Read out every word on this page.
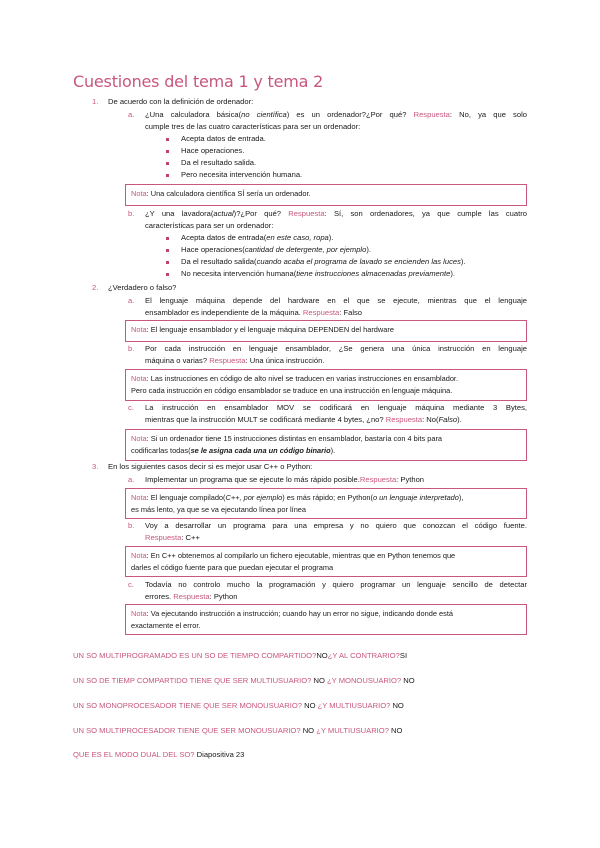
Cuestiones del tema 1 y tema 2
1. De acuerdo con la definición de ordenador:
a. ¿Una calculadora básica(no científica) es un ordenador?¿Por qué? Respuesta: No, ya que solo
cumple tres de las cuatro características para ser un ordenador:
Acepta datos de entrada.
Hace operaciones.
Da el resultado salida.
Pero necesita intervención humana.
Nota: Una calculadora científica SÍ sería un ordenador.
b. ¿Y una lavadora(actual)?¿Por qué? Respuesta: Sí, son ordenadores, ya que cumple las cuatro
características para ser un ordenador:
Acepta datos de entrada(en este caso, ropa).
Hace operaciones(cantidad de detergente, por ejemplo).
Da el resultado salida(cuando acaba el programa de lavado se encienden las luces).
No necesita intervención humana(tiene instrucciones almacenadas previamente).
2. ¿Verdadero o falso?
a. El lenguaje máquina depende del hardware en el que se ejecute, mientras que el lenguaje
ensamblador es independiente de la máquina. Respuesta: Falso
Nota: El lenguaje ensamblador y el lenguaje máquina DEPENDEN del hardware
b. Por cada instrucción en lenguaje ensamblador, ¿Se genera una única instrucción en lenguaje
máquina o varias? Respuesta: Una única instrucción.
Nota: Las instrucciones en código de alto nivel se traducen en varias instrucciones en ensamblador.
Pero cada instrucción en código ensamblador se traduce en una instrucción en lenguaje máquina.
c. La instrucción en ensamblador MOV se codificará en lenguaje máquina mediante 3 Bytes,
mientras que la instrucción MULT se codificará mediante 4 bytes, ¿no? Respuesta: No(Falso).
Nota: Si un ordenador tiene 15 instrucciones distintas en ensamblador, bastaría con 4 bits para
codificarlas todas(se le asigna cada una un código binario).
3. En los siguientes casos decir si es mejor usar C++ o Python:
a. Implementar un programa que se ejecute lo más rápido posible.Respuesta: Python
Nota: El lenguaje compilado(C++, por ejemplo) es más rápido; en Python(o un lenguaje interpretado),
es más lento, ya que se va ejecutando línea por línea
b. Voy a desarrollar un programa para una empresa y no quiero que conozcan el código fuente.
Respuesta: C++
Nota: En C++ obtenemos al compilarlo un fichero ejecutable, mientras que en Python tenemos que
darles el código fuente para que puedan ejecutar el programa
c. Todavía no controlo mucho la programación y quiero programar un lenguaje sencillo de detectar
errores. Respuesta: Python
Nota: Va ejecutando instrucción a instrucción; cuando hay un error no sigue, indicando donde está
exactamente el error.
UN SO MULTIPROGRAMADO ES UN SO DE TIEMPO COMPARTIDO?NO¿Y AL CONTRARIO?SI
UN SO DE TIEMP COMPARTIDO TIENE QUE SER MULTIUSUARIO? NO ¿Y MONOUSUARIO? NO
UN SO MONOPROCESADOR TIENE QUE SER MONOUSUARIO? NO ¿Y MULTIUSUARIO? NO
UN SO MULTIPROCESADOR TIENE QUE SER MONOUSUARIO? NO ¿Y MULTIUSUARIO? NO
QUE ES EL MODO DUAL DEL SO? Diapositiva 23
